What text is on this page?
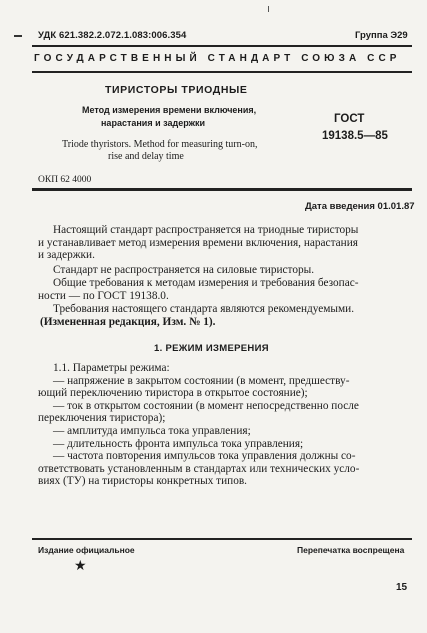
УДК 621.382.2.072.1.083:006.354	Группа Э29
ГОСУДАРСТВЕННЫЙ СТАНДАРТ СОЮЗА ССР
ТИРИСТОРЫ ТРИОДНЫЕ
Метод измерения времени включения,
нарастания и задержки
Triode thyristors. Method for measuring turn-on,
rise and delay time
ГОСТ
19138.5—85
ОКП 62 4000
Дата введения 01.01.87
Настоящий стандарт распространяется на триодные тиристоры
и устанавливает метод измерения времени включения, нарастания
и задержки.
Стандарт не распространяется на силовые тиристоры.
Общие требования к методам измерения и требования безопас-
ности — по ГОСТ 19138.0.
Требования настоящего стандарта являются рекомендуемыми.
(Измененная редакция, Изм. № 1).
1. РЕЖИМ ИЗМЕРЕНИЯ
1.1. Параметры режима:
— напряжение в закрытом состоянии (в момент, предшеству-
ющий переключению тиристора в открытое состояние);
— ток в открытом состоянии (в момент непосредственно после
переключения тиристора);
— амплитуда импульса тока управления;
— длительность фронта импульса тока управления;
— частота повторения импульсов тока управления должны со-
ответствовать установленным в стандартах или технических усло-
виях (ТУ) на тиристоры конкретных типов.
Издание официальное	Перепечатка воспрещена
★
15
